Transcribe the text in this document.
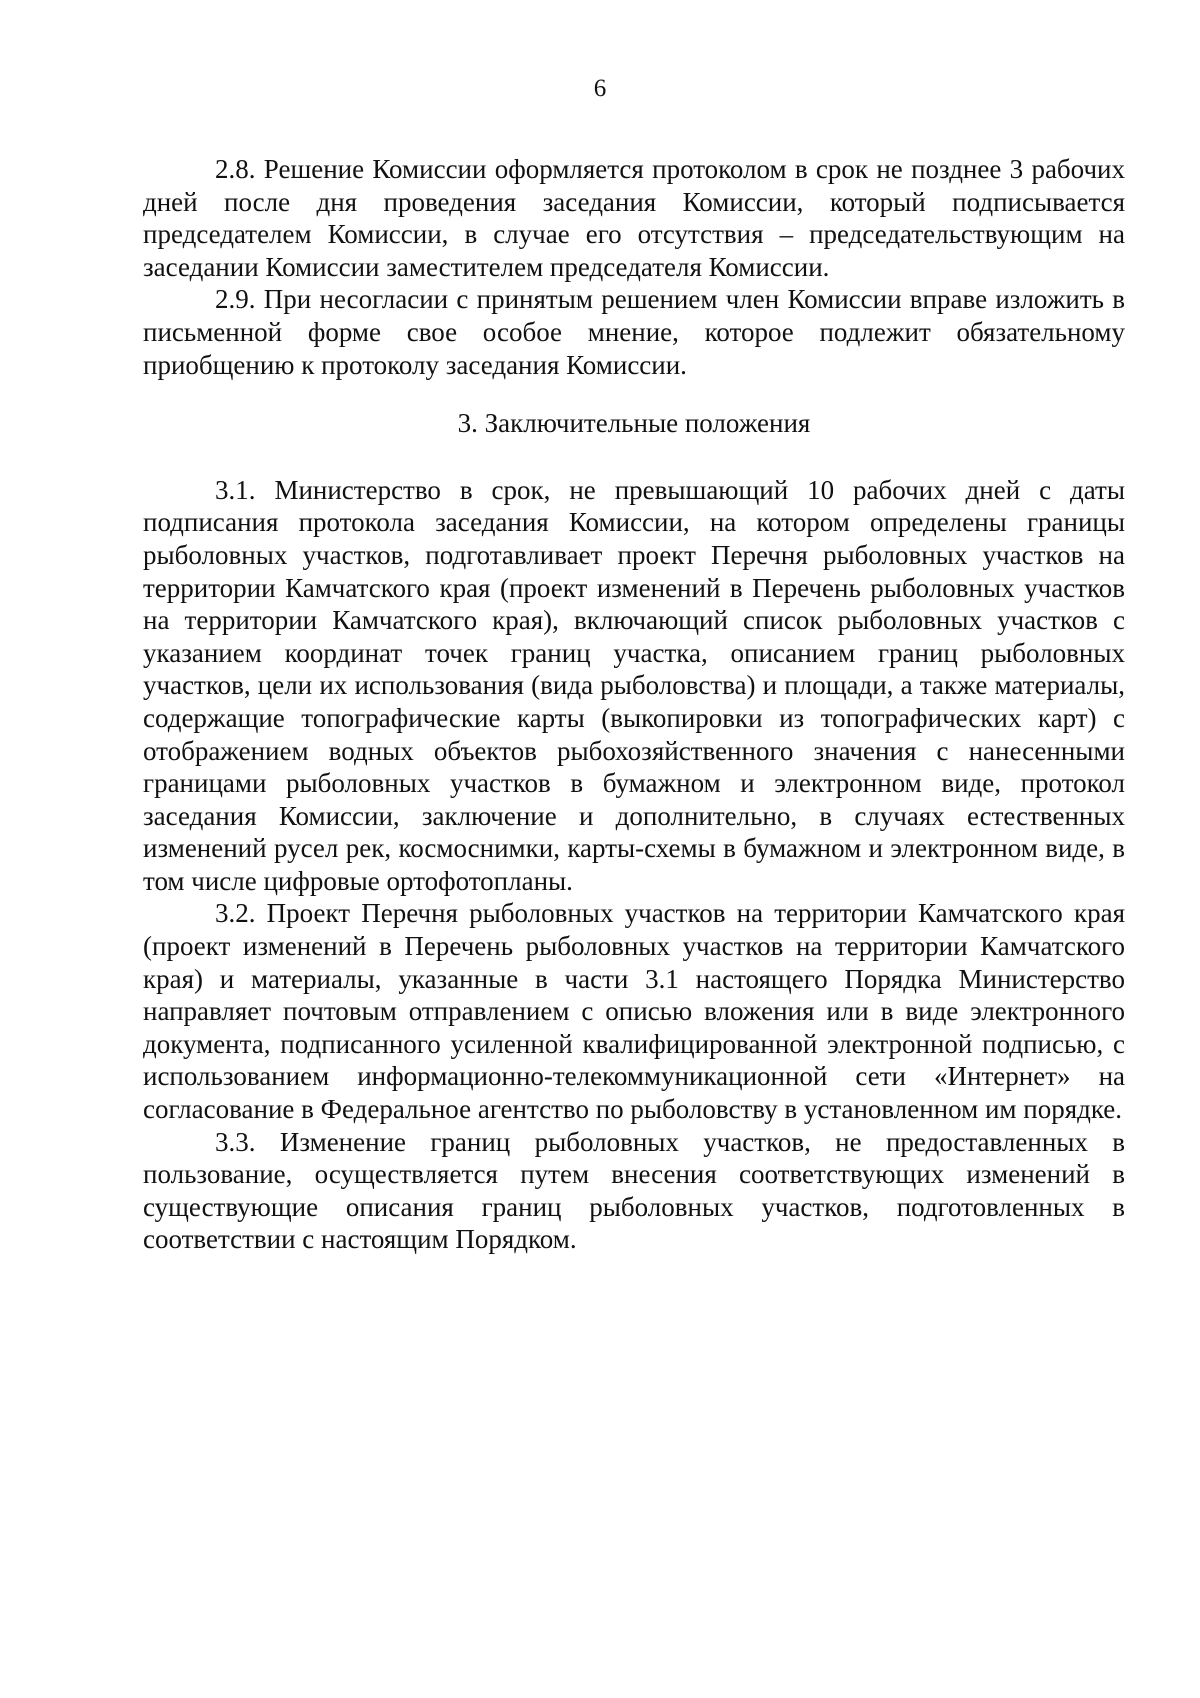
6

2.8. Решение Комиссии оформляется протоколом в срок не позднее 3 рабочих дней после дня проведения заседания Комиссии, который подписывается председателем Комиссии, в случае его отсутствия – председательствующим на заседании Комиссии заместителем председателя Комиссии.

2.9. При несогласии с принятым решением член Комиссии вправе изложить в письменной форме свое особое мнение, которое подлежит обязательному приобщению к протоколу заседания Комиссии.

3. Заключительные положения

3.1. Министерство в срок, не превышающий 10 рабочих дней с даты подписания протокола заседания Комиссии, на котором определены границы рыболовных участков, подготавливает проект Перечня рыболовных участков на территории Камчатского края (проект изменений в Перечень рыболовных участков на территории Камчатского края), включающий список рыболовных участков с указанием координат точек границ участка, описанием границ рыболовных участков, цели их использования (вида рыболовства) и площади, а также материалы, содержащие топографические карты (выкопировки из топографических карт) с отображением водных объектов рыбохозяйственного значения с нанесенными границами рыболовных участков в бумажном и электронном виде, протокол заседания Комиссии, заключение и дополнительно, в случаях естественных изменений русел рек, космоснимки, карты-схемы в бумажном и электронном виде, в том числе цифровые ортофотопланы.

3.2. Проект Перечня рыболовных участков на территории Камчатского края (проект изменений в Перечень рыболовных участков на территории Камчатского края) и материалы, указанные в части 3.1 настоящего Порядка Министерство направляет почтовым отправлением с описью вложения или в виде электронного документа, подписанного усиленной квалифицированной электронной подписью, с использованием информационно-телекоммуникационной сети «Интернет» на согласование в Федеральное агентство по рыболовству в установленном им порядке.

3.3. Изменение границ рыболовных участков, не предоставленных в пользование, осуществляется путем внесения соответствующих изменений в существующие описания границ рыболовных участков, подготовленных в соответствии с настоящим Порядком.
